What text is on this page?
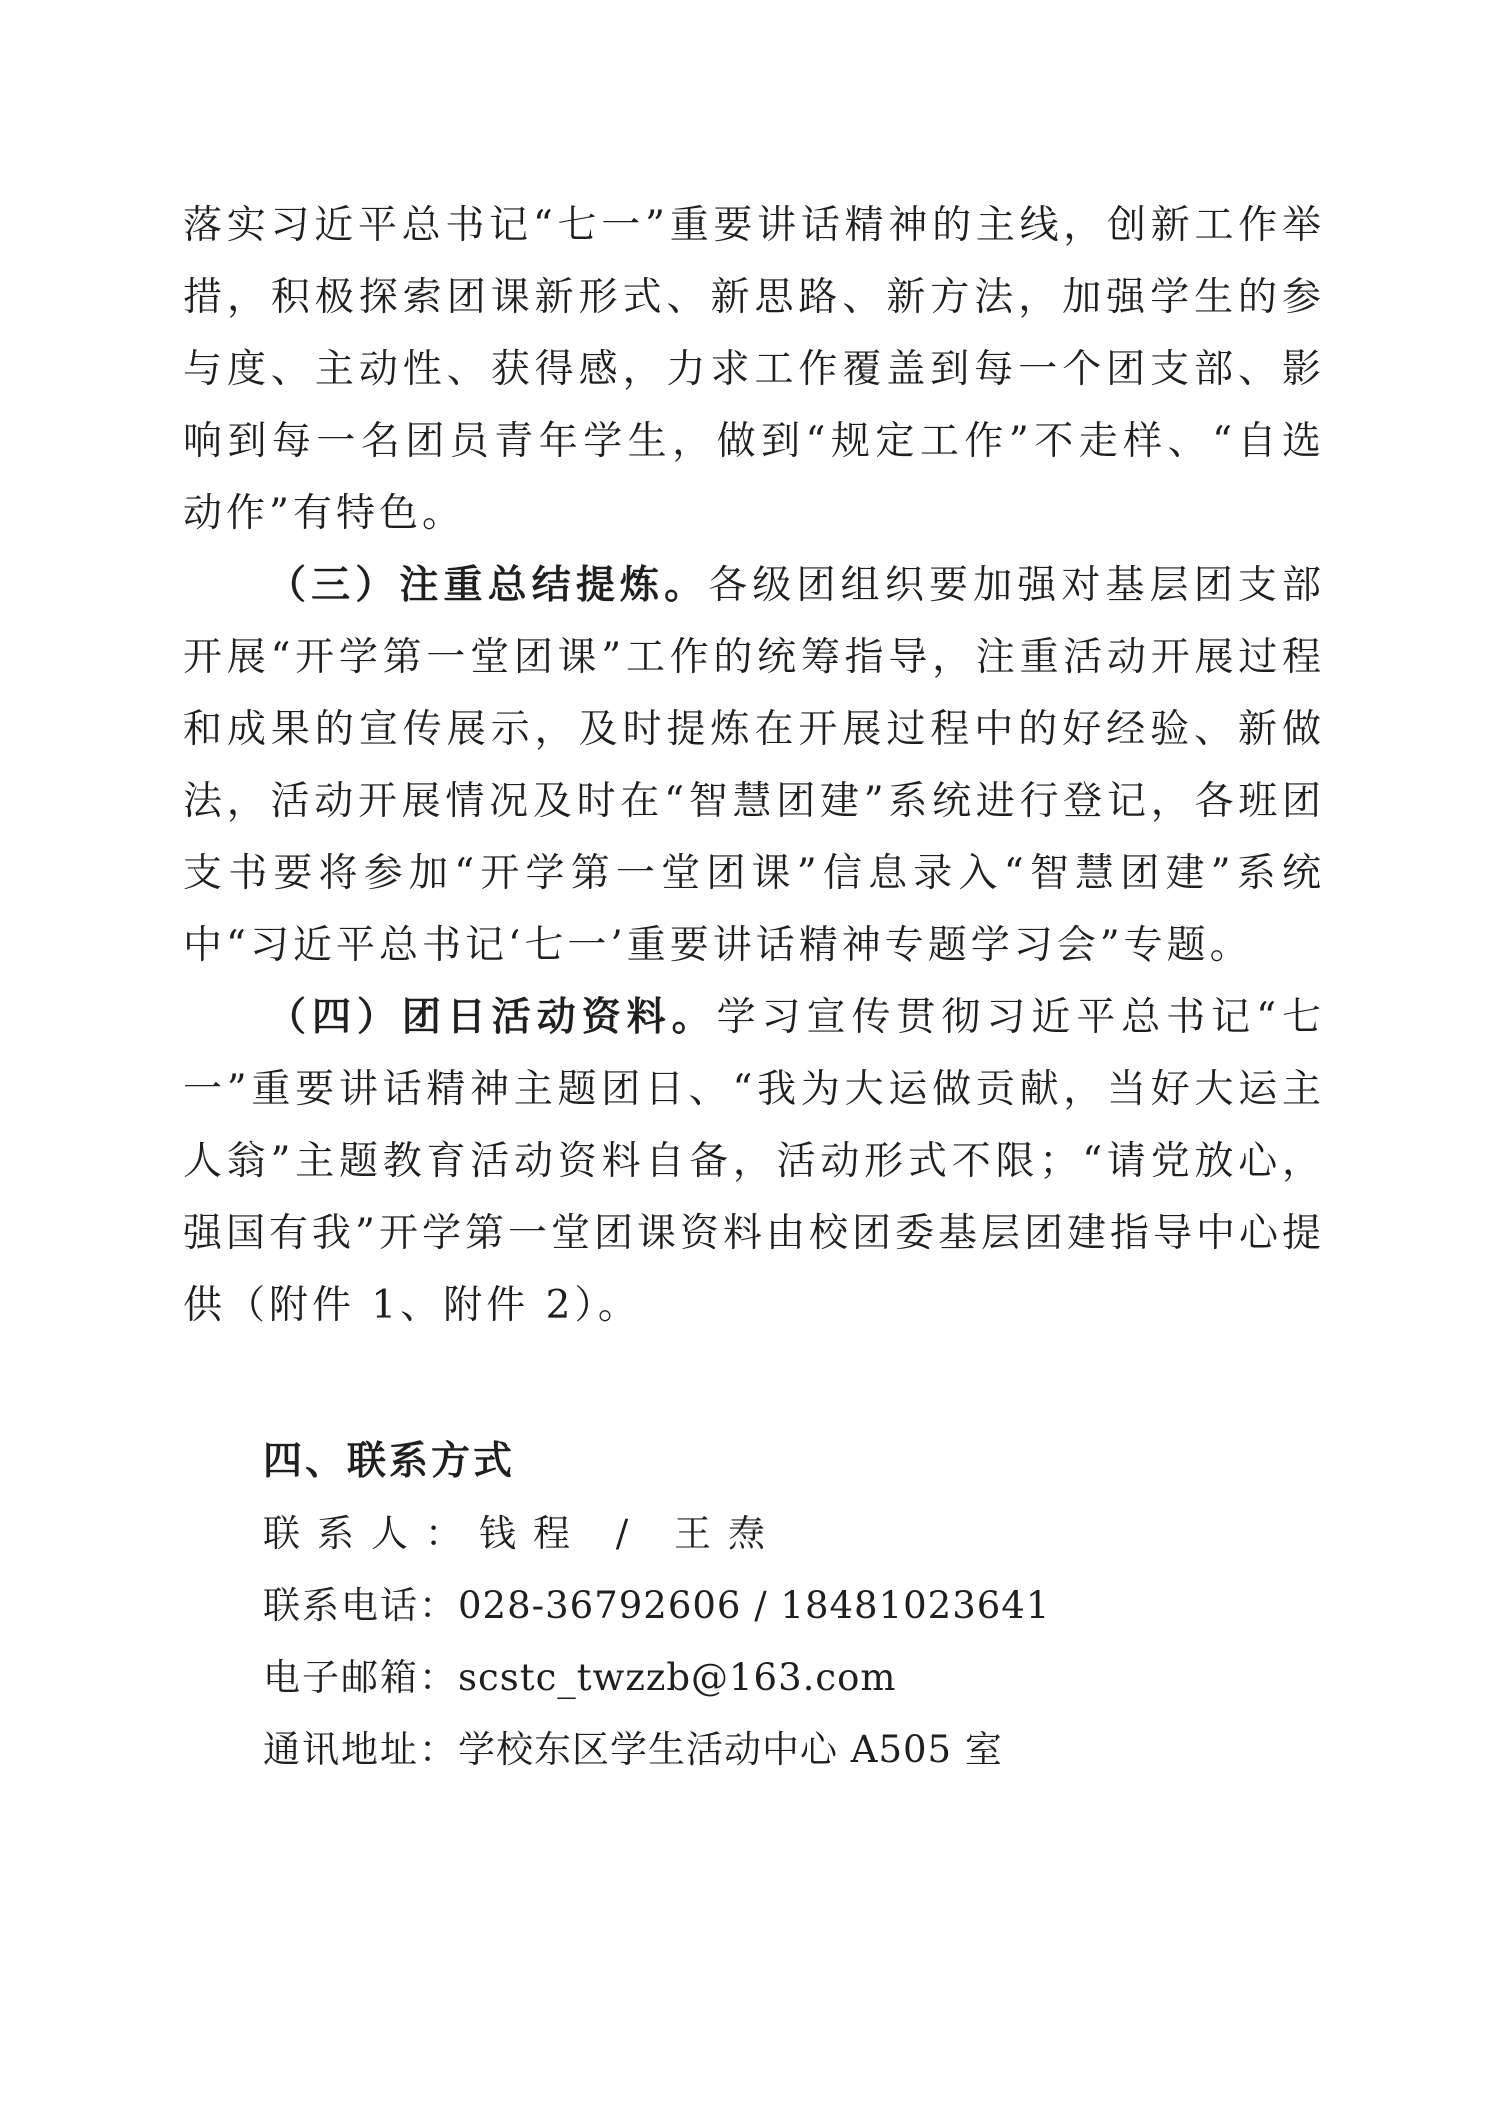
落实习近平总书记“七一”重要讲话精神的主线，创新工作举措，积极探索团课新形式、新思路、新方法，加强学生的参与度、主动性、获得感，力求工作覆盖到每一个团支部、影响到每一名团员青年学生，做到“规定工作”不走样、“自选动作”有特色。

（三）注重总结提炼。各级团组织要加强对基层团支部开展“开学第一堂团课”工作的统筹指导，注重活动开展过程和成果的宣传展示，及时提炼在开展过程中的好经验、新做法，活动开展情况及时在“智慧团建”系统进行登记，各班团支书要将参加“开学第一堂团课”信息录入“智慧团建”系统中“习近平总书记‘七一’重要讲话精神专题学习会”专题。

（四）团日活动资料。学习宣传贯彻习近平总书记“七一”重要讲话精神主题团日、“我为大运做贡献，当好大运主人翁”主题教育活动资料自备，活动形式不限；“请党放心，强国有我”开学第一堂团课资料由校团委基层团建指导中心提供（附件 1、附件 2）。

四、联系方式

联系人：钱程 / 王焘

联系电话：028-36792606 / 18481023641

电子邮箱：scstc_twzzb@163.com

通讯地址：学校东区学生活动中心 A505 室
